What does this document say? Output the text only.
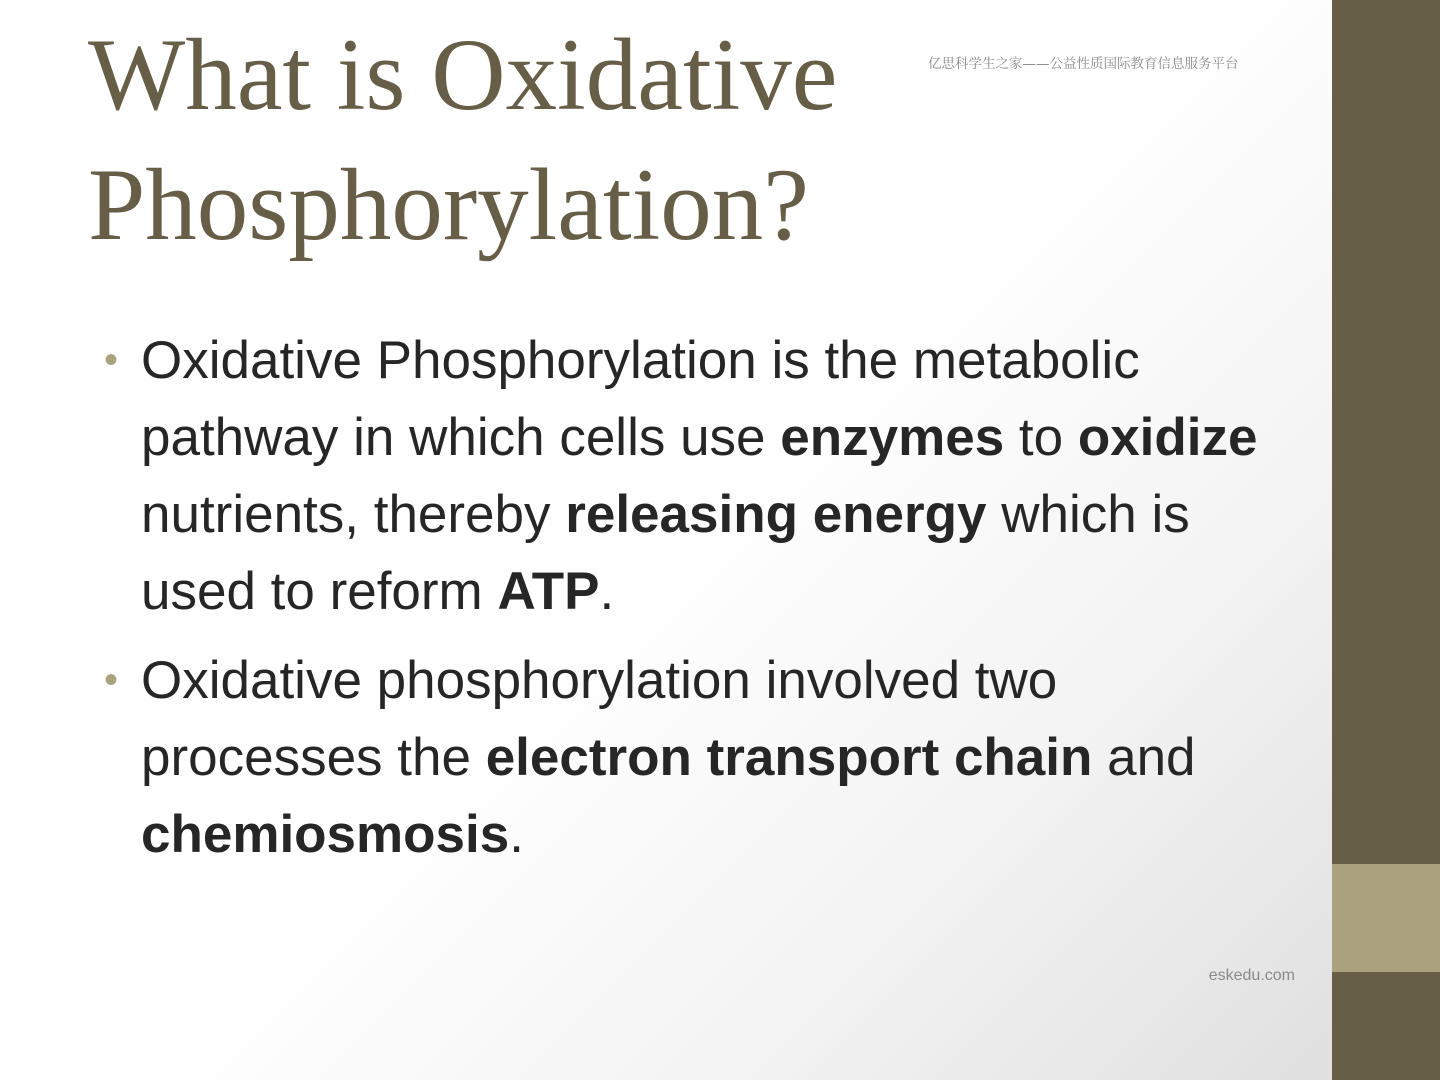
What is Oxidative
Phosphorylation?
亿思科学生之家——公益性质国际教育信息服务平台
• Oxidative Phosphorylation is the metabolic pathway in which cells use enzymes to oxidize nutrients, thereby releasing energy which is used to reform ATP.
• Oxidative phosphorylation involved two processes the electron transport chain and chemiosmosis.
eskedu.com
